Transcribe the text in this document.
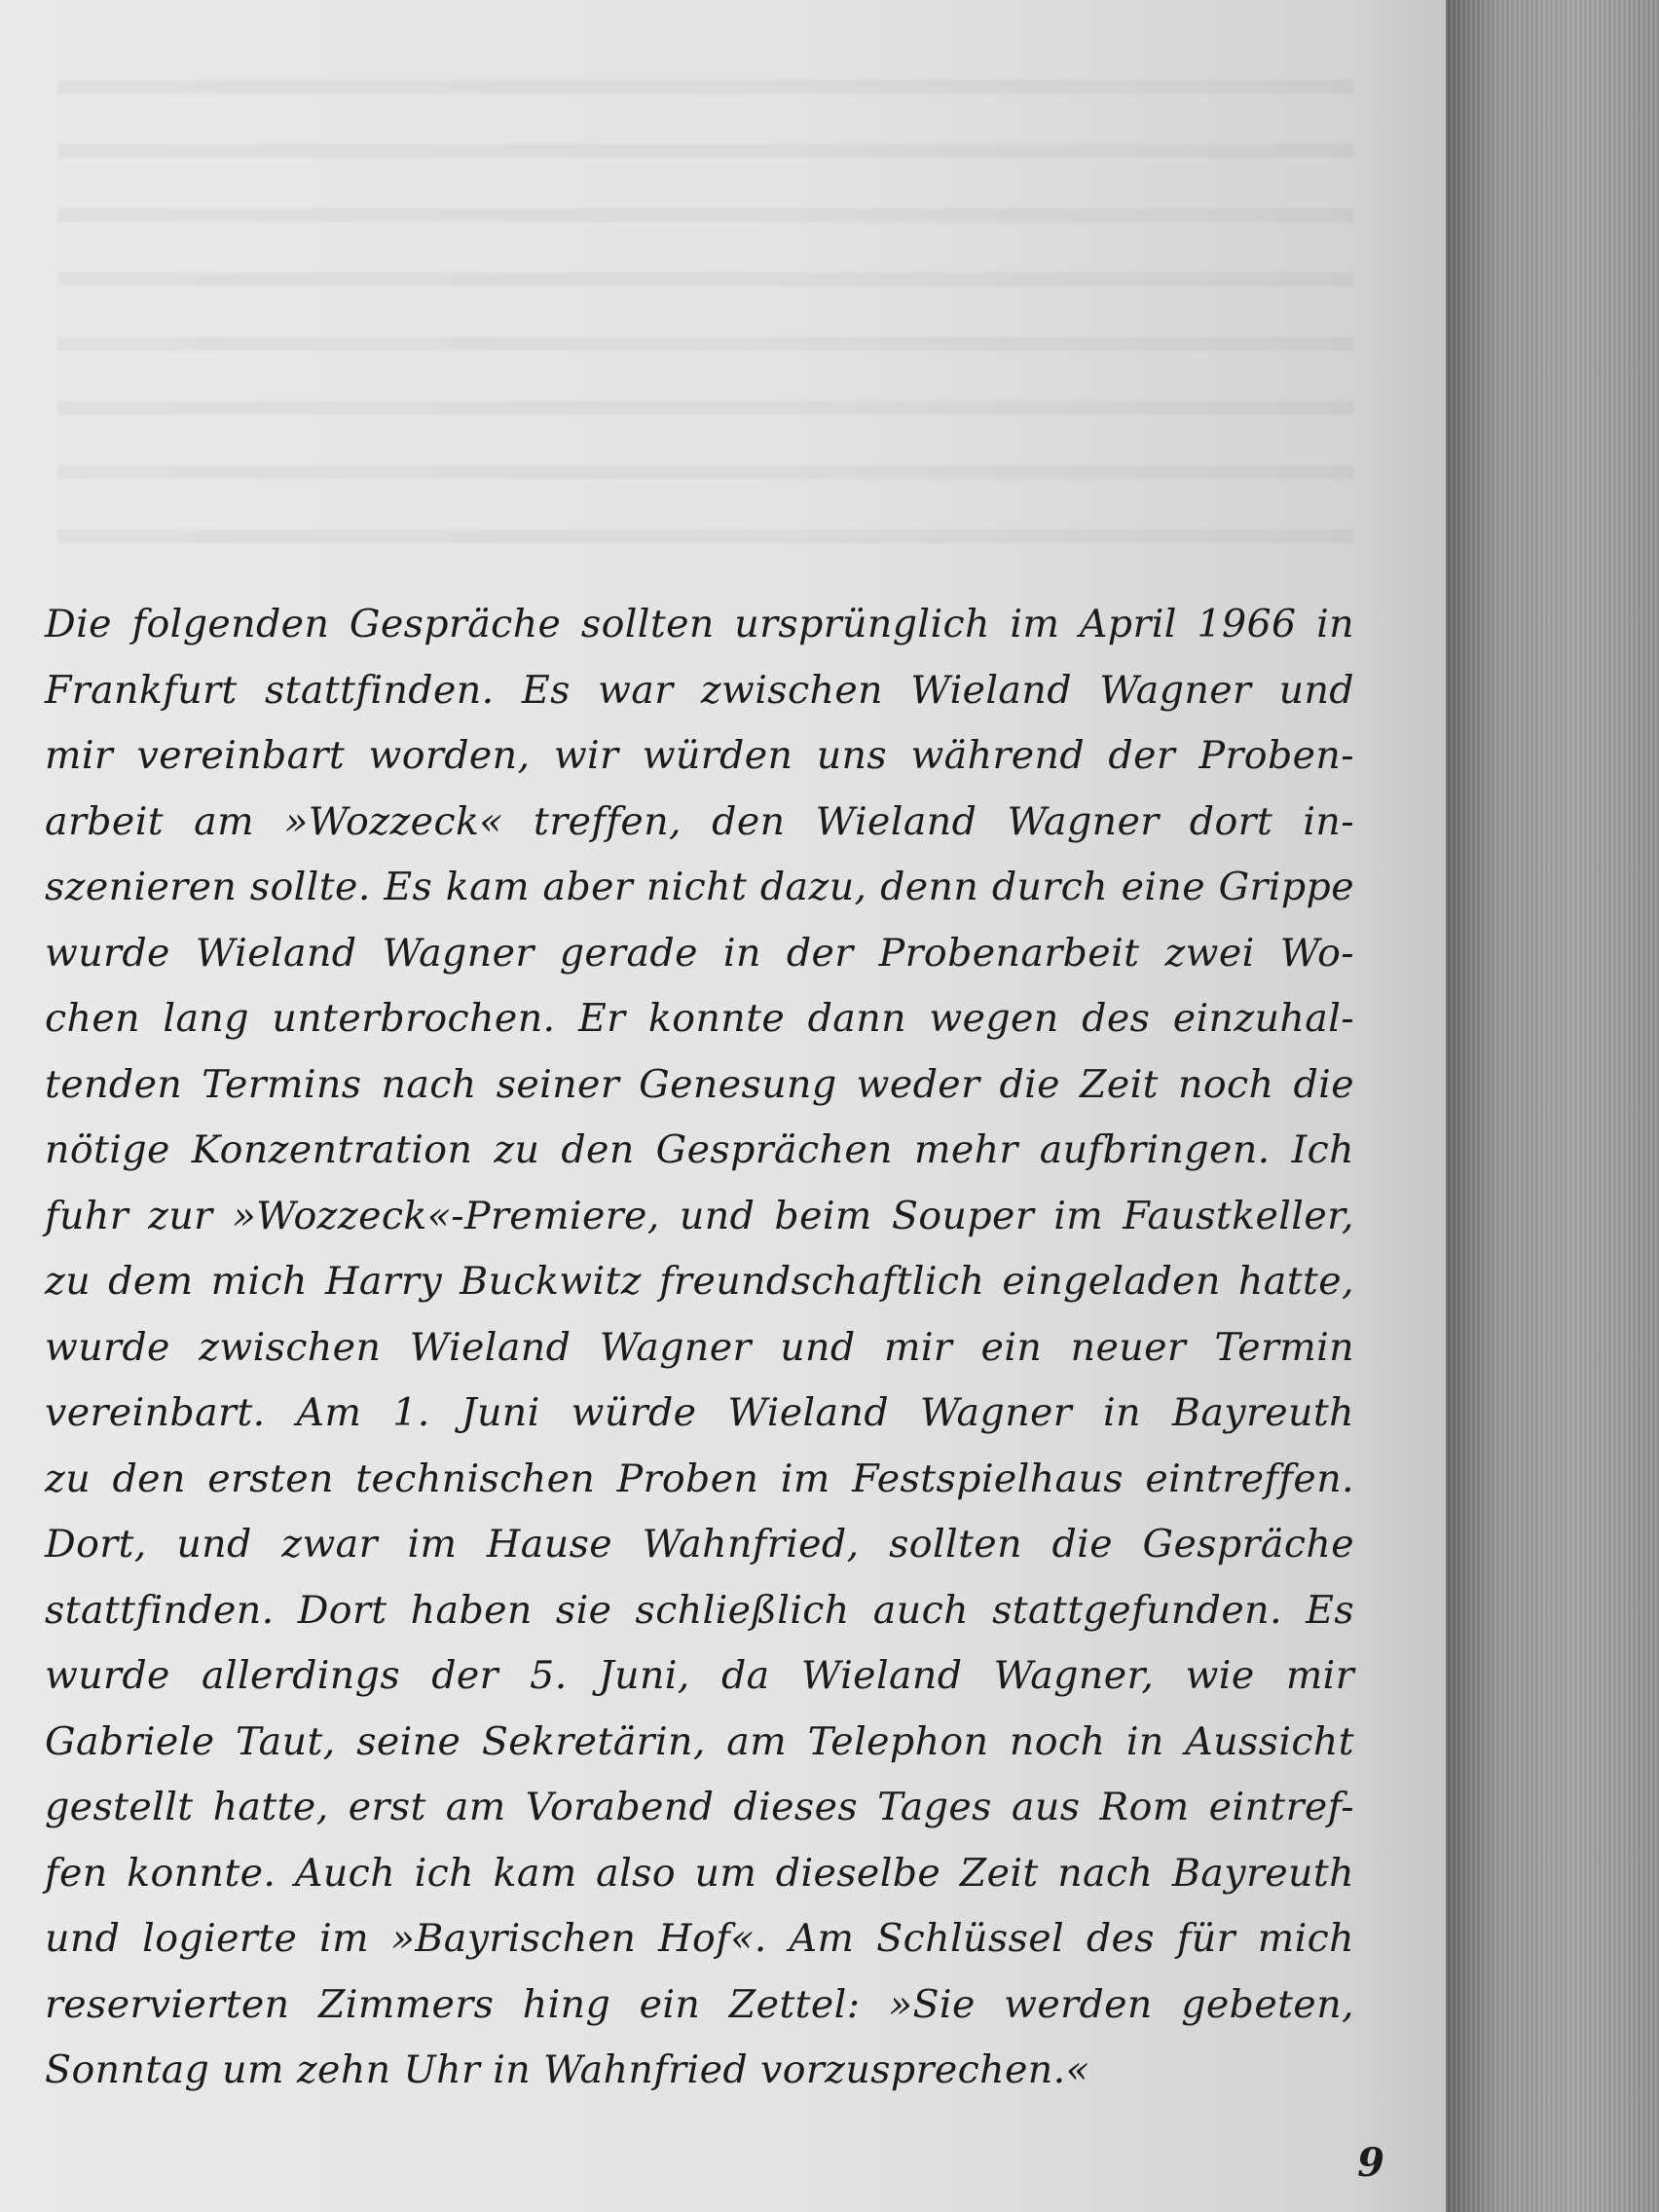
Die folgenden Gespräche sollten ursprünglich im April 1966 in
Frankfurt stattfinden. Es war zwischen Wieland Wagner und
mir vereinbart worden, wir würden uns während der Proben-
arbeit am »Wozzeck« treffen, den Wieland Wagner dort in-
szenieren sollte. Es kam aber nicht dazu, denn durch eine Grippe
wurde Wieland Wagner gerade in der Probenarbeit zwei Wo-
chen lang unterbrochen. Er konnte dann wegen des einzuhal-
tenden Termins nach seiner Genesung weder die Zeit noch die
nötige Konzentration zu den Gesprächen mehr aufbringen. Ich
fuhr zur »Wozzeck«-Premiere, und beim Souper im Faustkeller,
zu dem mich Harry Buckwitz freundschaftlich eingeladen hatte,
wurde zwischen Wieland Wagner und mir ein neuer Termin
vereinbart. Am 1. Juni würde Wieland Wagner in Bayreuth
zu den ersten technischen Proben im Festspielhaus eintreffen.
Dort, und zwar im Hause Wahnfried, sollten die Gespräche
stattfinden. Dort haben sie schließlich auch stattgefunden. Es
wurde allerdings der 5. Juni, da Wieland Wagner, wie mir
Gabriele Taut, seine Sekretärin, am Telephon noch in Aussicht
gestellt hatte, erst am Vorabend dieses Tages aus Rom eintref-
fen konnte. Auch ich kam also um dieselbe Zeit nach Bayreuth
und logierte im »Bayrischen Hof«. Am Schlüssel des für mich
reservierten Zimmers hing ein Zettel: »Sie werden gebeten,
Sonntag um zehn Uhr in Wahnfried vorzusprechen.«
9
